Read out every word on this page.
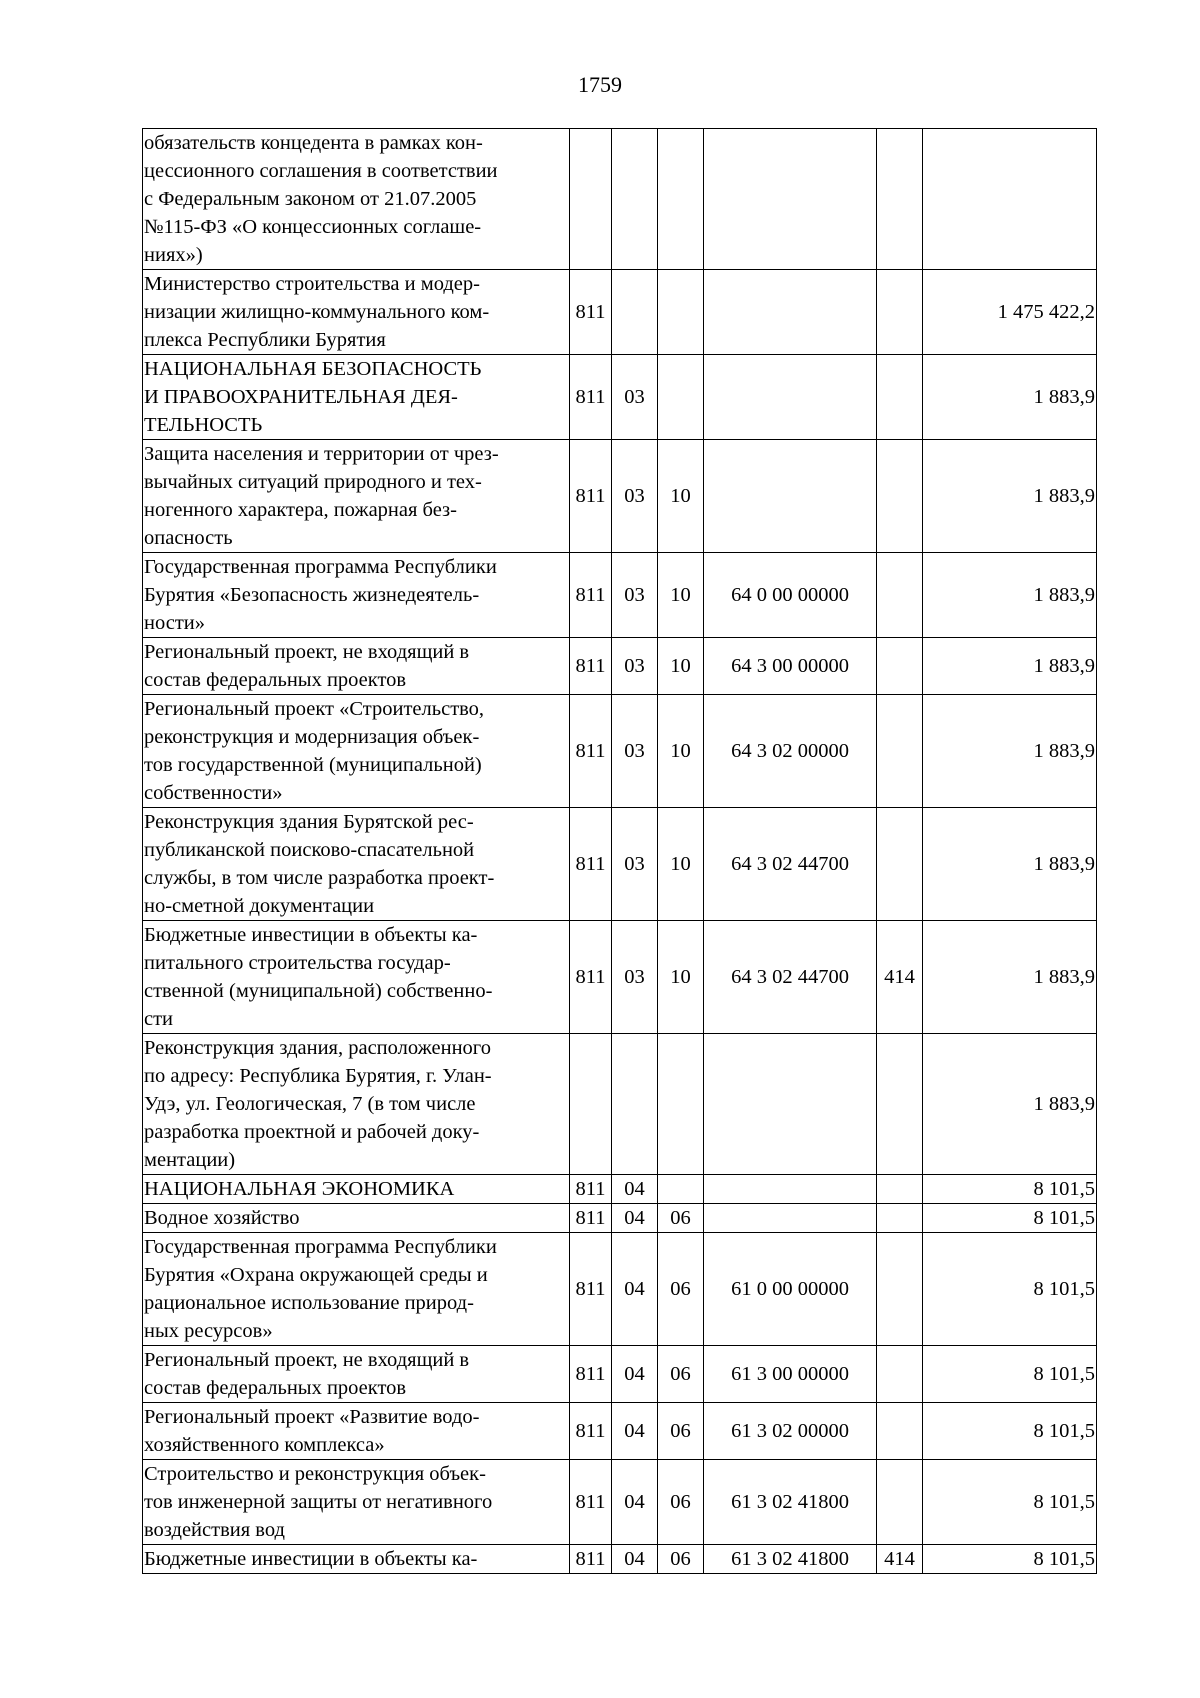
1759
обязательств концедента в рамках кон-
цессионного соглашения в соответствии
с Федеральным законом от 21.07.2005
№115-ФЗ «О концессионных соглаше-
ниях»)						
Министерство строительства и модер-
низации жилищно-коммунального ком-
плекса Республики Бурятия	811					1 475 422,2
НАЦИОНАЛЬНАЯ БЕЗОПАСНОСТЬ
И ПРАВООХРАНИТЕЛЬНАЯ ДЕЯ-
ТЕЛЬНОСТЬ	811	03				1 883,9
Защита населения и территории от чрез-
вычайных ситуаций природного и тех-
ногенного характера, пожарная без-
опасность	811	03	10			1 883,9
Государственная программа Республики
Бурятия «Безопасность жизнедеятель-
ности»	811	03	10	64 0 00 00000		1 883,9
Региональный проект, не входящий в
состав федеральных проектов	811	03	10	64 3 00 00000		1 883,9
Региональный проект «Строительство,
реконструкция и модернизация объек-
тов государственной (муниципальной)
собственности»	811	03	10	64 3 02 00000		1 883,9
Реконструкция здания Бурятской рес-
публиканской поисково-спасательной
службы, в том числе разработка проект-
но-сметной документации	811	03	10	64 3 02 44700		1 883,9
Бюджетные инвестиции в объекты ка-
питального строительства государ-
ственной (муниципальной) собственно-
сти	811	03	10	64 3 02 44700	414	1 883,9
Реконструкция здания, расположенного
по адресу: Республика Бурятия, г. Улан-
Удэ, ул. Геологическая, 7 (в том числе
разработка проектной и рабочей доку-
ментации)						1 883,9
НАЦИОНАЛЬНАЯ ЭКОНОМИКА	811	04				8 101,5
Водное хозяйство	811	04	06			8 101,5
Государственная программа Республики
Бурятия «Охрана окружающей среды и
рациональное использование природ-
ных ресурсов»	811	04	06	61 0 00 00000		8 101,5
Региональный проект, не входящий в
состав федеральных проектов	811	04	06	61 3 00 00000		8 101,5
Региональный проект «Развитие водо-
хозяйственного комплекса»	811	04	06	61 3 02 00000		8 101,5
Строительство и реконструкция объек-
тов инженерной защиты от негативного
воздействия вод	811	04	06	61 3 02 41800		8 101,5
Бюджетные инвестиции в объекты ка-	811	04	06	61 3 02 41800	414	8 101,5
